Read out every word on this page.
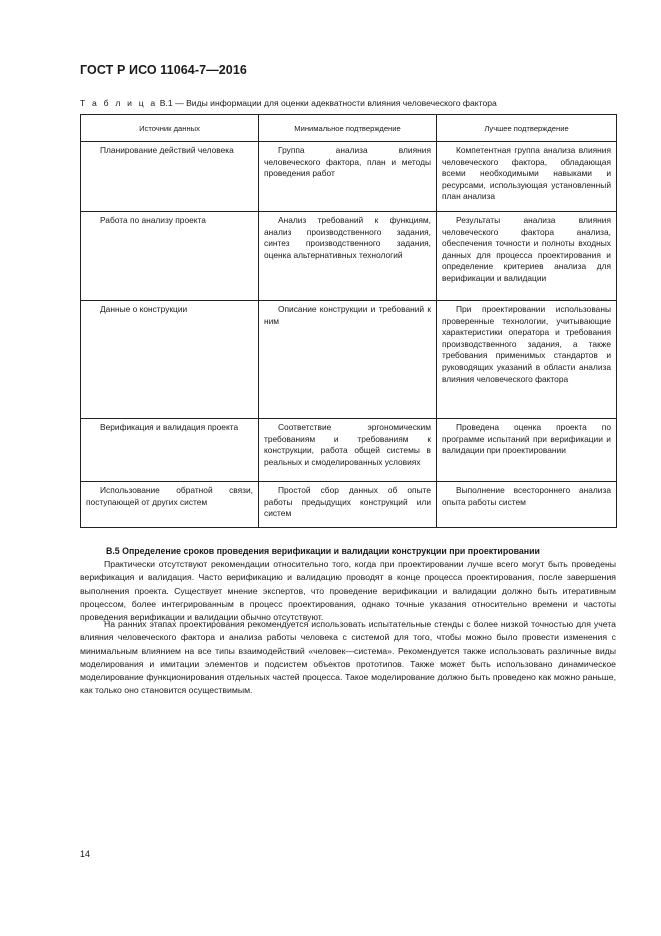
ГОСТ Р ИСО 11064-7—2016
Т а б л и ц а В.1 — Виды информации для оценки адекватности влияния человеческого фактора
Источник данных	Минимальное подтверждение	Лучшее подтверждение

Планирование действий человека	Группа анализа влияния человеческого фактора, план и методы проведения работ	Компетентная группа анализа влияния человеческого фактора, обладающая всеми необходимыми навыками и ресурсами, использующая установленный план анализа

Работа по анализу проекта	Анализ требований к функциям, анализ производственного задания, синтез производственного задания, оценка альтернативных технологий	Результаты анализа влияния человеческого фактора анализа, обеспечения точности и полноты входных данных для процесса проектирования и определение критериев анализа для верификации и валидации

Данные о конструкции	Описание конструкции и требований к ним	При проектировании использованы проверенные технологии, учитывающие характеристики оператора и требования производственного задания, а также требования применимых стандартов и руководящих указаний в области анализа влияния человеческого фактора

Верификация и валидация проекта	Соответствие эргономическим требованиям и требованиям к конструкции, работа общей системы в реальных и смоделированных условиях	Проведена оценка проекта по программе испытаний при верификации и валидации при проектировании

Использование обратной связи, поступающей от других систем	Простой сбор данных об опыте работы предыдущих конструкций или систем	Выполнение всестороннего анализа опыта работы систем

В.5 Определение сроков проведения верификации и валидации конструкции при проектировании

Практически отсутствуют рекомендации относительно того, когда при проектировании лучше всего могут быть проведены верификация и валидация. Часто верификацию и валидацию проводят в конце процесса проектирования, после завершения выполнения проекта. Существует мнение экспертов, что проведение верификации и валидации должно быть итеративным процессом, более интегрированным в процесс проектирования, однако точные указания относительно времени и частоты проведения верификации и валидации обычно отсутствуют.

На ранних этапах проектирования рекомендуется использовать испытательные стенды с более низкой точностью для учета влияния человеческого фактора и анализа работы человека с системой для того, чтобы можно было провести изменения с минимальным влиянием на все типы взаимодействий «человек—система». Рекомендуется также использовать различные виды моделирования и имитации элементов и подсистем объектов прототипов. Также может быть использовано динамическое моделирование функционирования отдельных частей процесса. Такое моделирование должно быть проведено как можно раньше, как только оно становится осуществимым.

14
